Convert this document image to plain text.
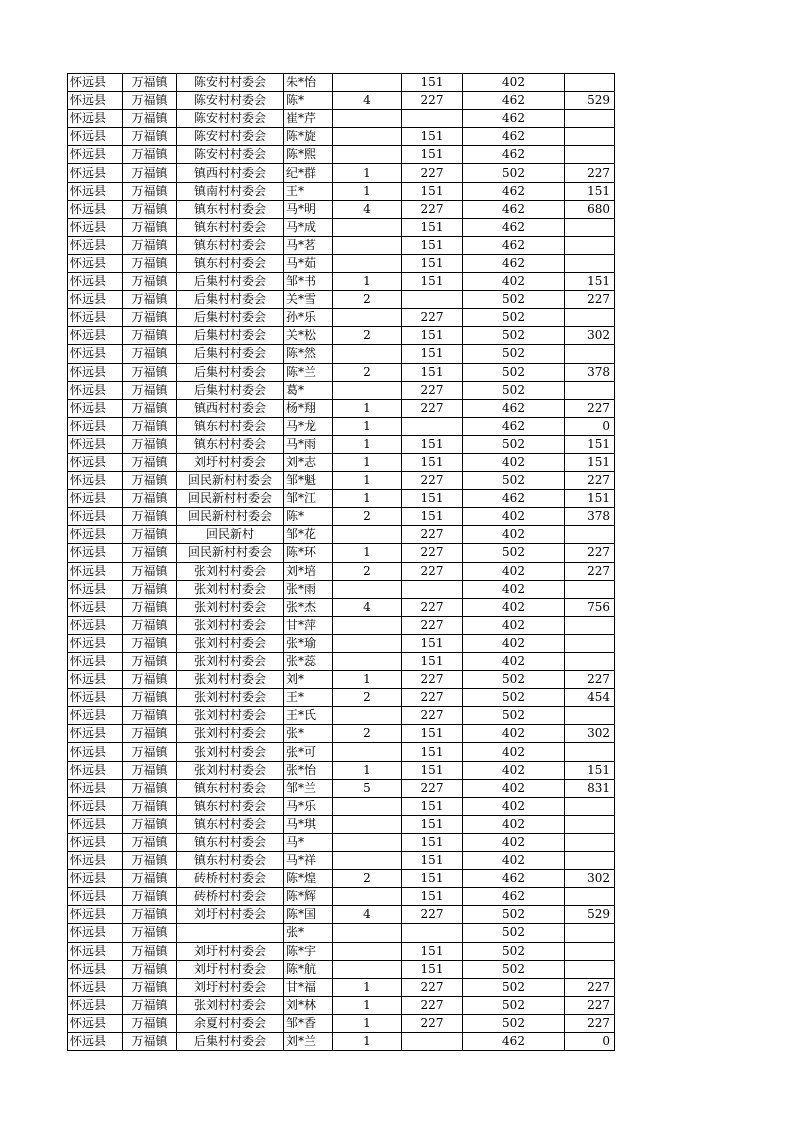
怀远县	万福镇	陈安村村委会	朱*怡		151	402	
怀远县	万福镇	陈安村村委会	陈*	4	227	462	529
怀远县	万福镇	陈安村村委会	崔*芹			462	
怀远县	万福镇	陈安村村委会	陈*旋		151	462	
怀远县	万福镇	陈安村村委会	陈*熙		151	462	
怀远县	万福镇	镇西村村委会	纪*群	1	227	502	227
怀远县	万福镇	镇南村村委会	王*	1	151	462	151
怀远县	万福镇	镇东村村委会	马*明	4	227	462	680
怀远县	万福镇	镇东村村委会	马*成		151	462	
怀远县	万福镇	镇东村村委会	马*茗		151	462	
怀远县	万福镇	镇东村村委会	马*茹		151	462	
怀远县	万福镇	后集村村委会	邹*书	1	151	402	151
怀远县	万福镇	后集村村委会	关*雪	2		502	227
怀远县	万福镇	后集村村委会	孙*乐		227	502	
怀远县	万福镇	后集村村委会	关*松	2	151	502	302
怀远县	万福镇	后集村村委会	陈*然		151	502	
怀远县	万福镇	后集村村委会	陈*兰	2	151	502	378
怀远县	万福镇	后集村村委会	葛*		227	502	
怀远县	万福镇	镇西村村委会	杨*翔	1	227	462	227
怀远县	万福镇	镇东村村委会	马*龙	1		462	0
怀远县	万福镇	镇东村村委会	马*雨	1	151	502	151
怀远县	万福镇	刘圩村村委会	刘*志	1	151	402	151
怀远县	万福镇	回民新村村委会	邹*魁	1	227	502	227
怀远县	万福镇	回民新村村委会	邹*江	1	151	462	151
怀远县	万福镇	回民新村村委会	陈*	2	151	402	378
怀远县	万福镇	回民新村	邹*花		227	402	
怀远县	万福镇	回民新村村委会	陈*环	1	227	502	227
怀远县	万福镇	张刘村村委会	刘*培	2	227	402	227
怀远县	万福镇	张刘村村委会	张*雨			402	
怀远县	万福镇	张刘村村委会	张*杰	4	227	402	756
怀远县	万福镇	张刘村村委会	甘*萍		227	402	
怀远县	万福镇	张刘村村委会	张*瑜		151	402	
怀远县	万福镇	张刘村村委会	张*蕊		151	402	
怀远县	万福镇	张刘村村委会	刘*	1	227	502	227
怀远县	万福镇	张刘村村委会	王*	2	227	502	454
怀远县	万福镇	张刘村村委会	王*氏		227	502	
怀远县	万福镇	张刘村村委会	张*	2	151	402	302
怀远县	万福镇	张刘村村委会	张*可		151	402	
怀远县	万福镇	张刘村村委会	张*怡	1	151	402	151
怀远县	万福镇	镇东村村委会	邹*兰	5	227	402	831
怀远县	万福镇	镇东村村委会	马*乐		151	402	
怀远县	万福镇	镇东村村委会	马*琪		151	402	
怀远县	万福镇	镇东村村委会	马*		151	402	
怀远县	万福镇	镇东村村委会	马*祥		151	402	
怀远县	万福镇	砖桥村村委会	陈*煌	2	151	462	302
怀远县	万福镇	砖桥村村委会	陈*辉		151	462	
怀远县	万福镇	刘圩村村委会	陈*国	4	227	502	529
怀远县	万福镇		张*			502	
怀远县	万福镇	刘圩村村委会	陈*宇		151	502	
怀远县	万福镇	刘圩村村委会	陈*航		151	502	
怀远县	万福镇	刘圩村村委会	甘*福	1	227	502	227
怀远县	万福镇	张刘村村委会	刘*林	1	227	502	227
怀远县	万福镇	余夏村村委会	邹*香	1	227	502	227
怀远县	万福镇	后集村村委会	刘*兰	1		462	0
